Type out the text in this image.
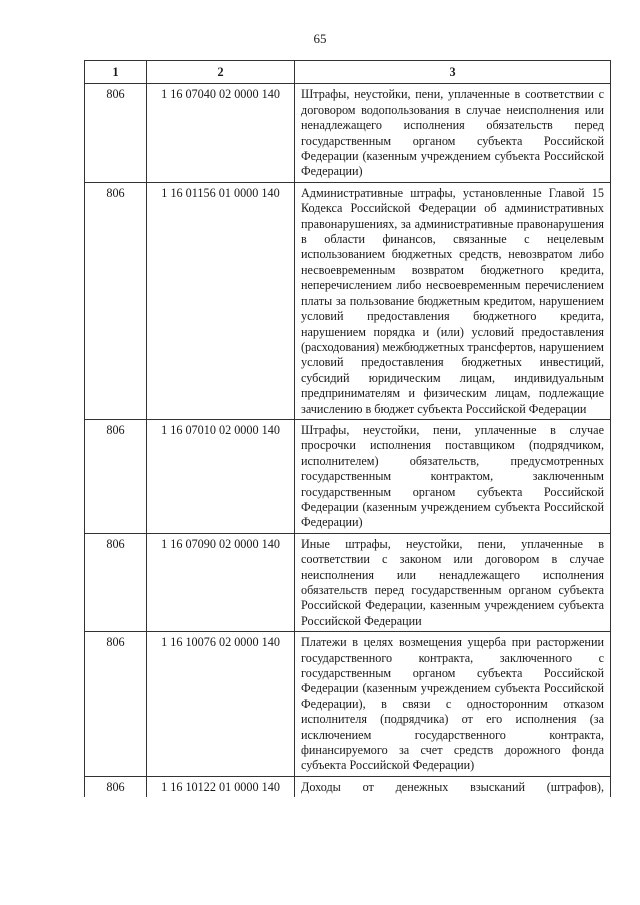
65
1	2	3
806	1 16 07040 02 0000 140	Штрафы, неустойки, пени, уплаченные в соответствии с договором водопользования в случае неисполнения или ненадлежащего исполнения обязательств перед государственным органом субъекта Российской Федерации (казенным учреждением субъекта Российской Федерации)
806	1 16 01156 01 0000 140	Административные штрафы, установленные Главой 15 Кодекса Российской Федерации об административных правонарушениях, за административные правонарушения в области финансов, связанные с нецелевым использованием бюджетных средств, невозвратом либо несвоевременным возвратом бюджетного кредита, неперечислением либо несвоевременным перечислением платы за пользование бюджетным кредитом, нарушением условий предоставления бюджетного кредита, нарушением порядка и (или) условий предоставления (расходования) межбюджетных трансфертов, нарушением условий предоставления бюджетных инвестиций, субсидий юридическим лицам, индивидуальным предпринимателям и физическим лицам, подлежащие зачислению в бюджет субъекта Российской Федерации
806	1 16 07010 02 0000 140	Штрафы, неустойки, пени, уплаченные в случае просрочки исполнения поставщиком (подрядчиком, исполнителем) обязательств, предусмотренных государственным контрактом, заключенным государственным органом субъекта Российской Федерации (казенным учреждением субъекта Российской Федерации)
806	1 16 07090 02 0000 140	Иные штрафы, неустойки, пени, уплаченные в соответствии с законом или договором в случае неисполнения или ненадлежащего исполнения обязательств перед государственным органом субъекта Российской Федерации, казенным учреждением субъекта Российской Федерации
806	1 16 10076 02 0000 140	Платежи в целях возмещения ущерба при расторжении государственного контракта, заключенного с государственным органом субъекта Российской Федерации (казенным учреждением субъекта Российской Федерации), в связи с односторонним отказом исполнителя (подрядчика) от его исполнения (за исключением государственного контракта, финансируемого за счет средств дорожного фонда субъекта Российской Федерации)
806	1 16 10122 01 0000 140	Доходы от денежных взысканий (штрафов),
